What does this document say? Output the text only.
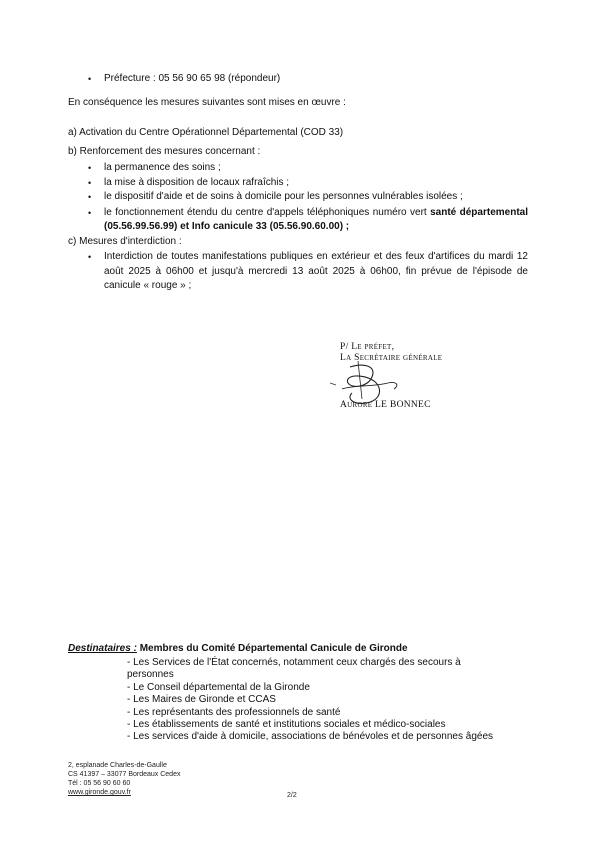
• Préfecture : 05 56 90 65 98 (répondeur)
En conséquence les mesures suivantes sont mises en œuvre :
a) Activation du Centre Opérationnel Départemental (COD 33)
b) Renforcement des mesures concernant :
• la permanence des soins ;
• la mise à disposition de locaux rafraîchis ;
• le dispositif d'aide et de soins à domicile pour les personnes vulnérables isolées ;
• le fonctionnement étendu du centre d'appels téléphoniques numéro vert santé départemental (05.56.99.56.99) et Info canicule 33 (05.56.90.60.00) ;
c) Mesures d'interdiction :
• Interdiction de toutes manifestations publiques en extérieur et des feux d'artifices du mardi 12 août 2025 à 06h00 et jusqu'à mercredi 13 août 2025 à 06h00, fin prévue de l'épisode de canicule « rouge » ;
P/ Le préfet,
La Secrétaire générale
Aurore LE BONNEC
Destinataires : Membres du Comité Départemental Canicule de Gironde
- Les Services de l'État concernés, notamment ceux chargés des secours à
personnes
- Le Conseil départemental de la Gironde
- Les Maires de Gironde et CCAS
- Les représentants des professionnels de santé
- Les établissements de santé et institutions sociales et médico-sociales
- Les services d'aide à domicile, associations de bénévoles et de personnes âgées
2, esplanade Charles-de-Gaulle
CS 41397 – 33077 Bordeaux Cedex
Tél : 05 56 90 60 60
www.gironde.gouv.fr	2/2
